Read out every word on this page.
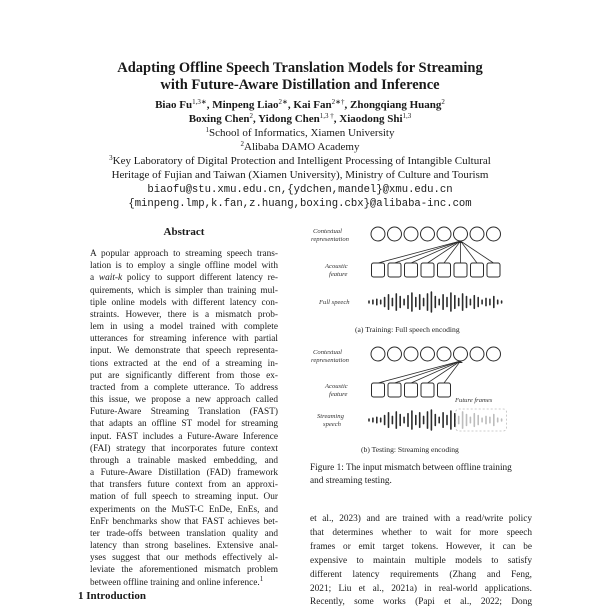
Adapting Offline Speech Translation Models for Streaming
with Future-Aware Distillation and Inference
Biao $Fu^{1,3∗}$, Minpeng Liao$^{2∗}$, Kai Fan$^{2∗\dagger}$, Zhongqiang Huang$^2$
Boxing Chen$^2$, Yidong Chen$^{1,3 \dagger}$, Xiaodong Shi$^{1,3}$
$^1$School of Informatics, Xiamen University
$^2$Alibaba DAMO Academy
$^3$Key Laboratory of Digital Protection and Intelligent Processing of Intangible Cultural
Heritage of Fujian and Taiwan (Xiamen University), Ministry of Culture and Tourism
biaofu@stu.xmu.edu.cn,{ydchen,mandel}@xmu.edu.cn
{minpeng.lmp,k.fan,z.huang,boxing.cbx}@alibaba-inc.com
Abstract
A popular approach to streaming speech trans-
lation is to employ a single offline model with
a wait-k policy to support different latency re-
quirements, which is simpler than training mul-
tiple online models with different latency con-
straints. However, there is a mismatch prob-
lem in using a model trained with complete
utterances for streaming inference with partial
input. We demonstrate that speech representa-
tions extracted at the end of a streaming in-
put are significantly different from those ex-
tracted from a complete utterance. To address
this issue, we propose a new approach called
Future-Aware Streaming Translation (FAST)
that adapts an offline ST model for streaming
input. FAST includes a Future-Aware Inference
(FAI) strategy that incorporates future context
through a trainable masked embedding, and
a Future-Aware Distillation (FAD) framework
that transfers future context from an approxi-
mation of full speech to streaming input. Our
experiments on the MuST-C EnDe, EnEs, and
EnFr benchmarks show that FAST achieves bet-
ter trade-offs between translation quality and
latency than strong baselines. Extensive anal-
yses suggest that our methods effectively al-
leviate the aforementioned mismatch problem
between offline training and online inference.$^1$
1 Introduction
Contextual representation
Acoustic feature
Full speech
(a) Training: Full speech encoding
Contextual representation
Acoustic feature
Streaming speech
Future frames
(b) Testing: Streaming encoding
Figure 1: The input mismatch between offline training
and streaming testing.
et al., 2023) and are trained with a read/write policy
that determines whether to wait for more speech
frames or emit target tokens. However, it can be
expensive to maintain multiple models to satisfy
different latency requirements (Zhang and Feng,
2021; Liu et al., 2021a) in real-world applications.
Recently, some works (Papi et al., 2022; Dong
